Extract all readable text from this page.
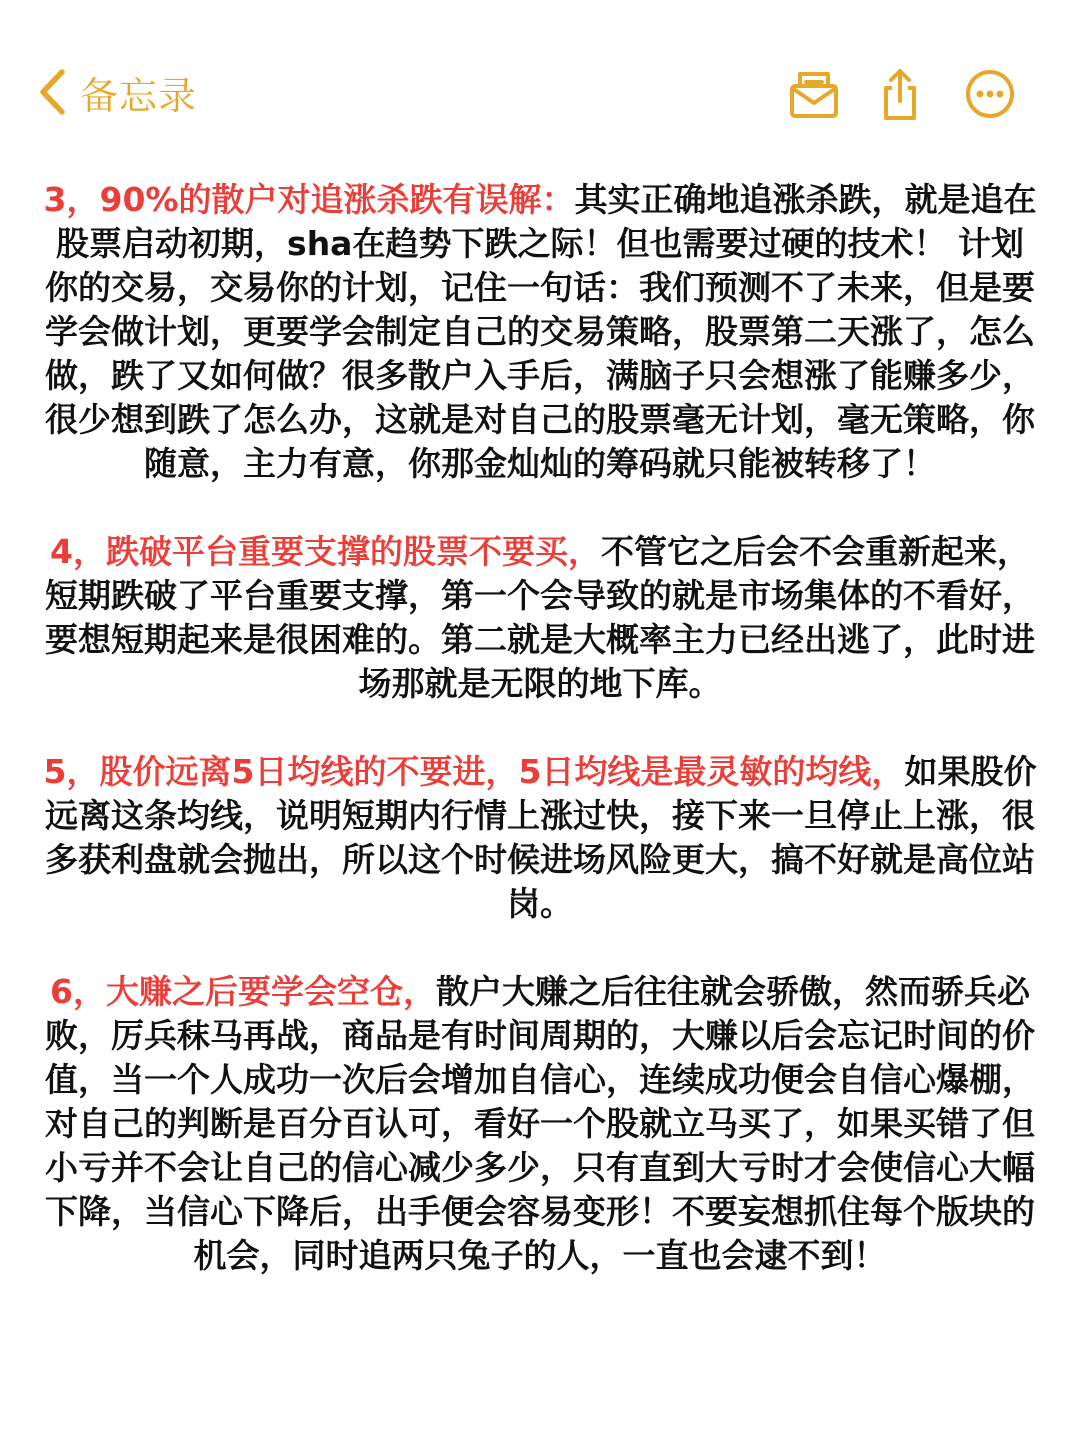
备忘录

3，90%的散户对追涨杀跌有误解：其实正确地追涨杀跌，就是追在股票启动初期，sha在趋势下跌之际！但也需要过硬的技术！ 计划你的交易，交易你的计划，记住一句话：我们预测不了未来，但是要学会做计划，更要学会制定自己的交易策略，股票第二天涨了，怎么做，跌了又如何做？很多散户入手后，满脑子只会想涨了能赚多少，很少想到跌了怎么办，这就是对自己的股票毫无计划，毫无策略，你随意，主力有意，你那金灿灿的筹码就只能被转移了！

4，跌破平台重要支撑的股票不要买，不管它之后会不会重新起来，短期跌破了平台重要支撑，第一个会导致的就是市场集体的不看好，要想短期起来是很困难的。第二就是大概率主力已经出逃了，此时进场那就是无限的地下库。

5，股价远离5日均线的不要进，5日均线是最灵敏的均线，如果股价远离这条均线，说明短期内行情上涨过快，接下来一旦停止上涨，很多获利盘就会抛出，所以这个时候进场风险更大，搞不好就是高位站岗。

6，大赚之后要学会空仓，散户大赚之后往往就会骄傲，然而骄兵必败，厉兵秣马再战，商品是有时间周期的，大赚以后会忘记时间的价值，当一个人成功一次后会增加自信心，连续成功便会自信心爆棚，对自己的判断是百分百认可，看好一个股就立马买了，如果买错了但小亏并不会让自己的信心减少多少，只有直到大亏时才会使信心大幅下降，当信心下降后，出手便会容易变形！不要妄想抓住每个版块的机会，同时追两只兔子的人，一直也会逮不到！
